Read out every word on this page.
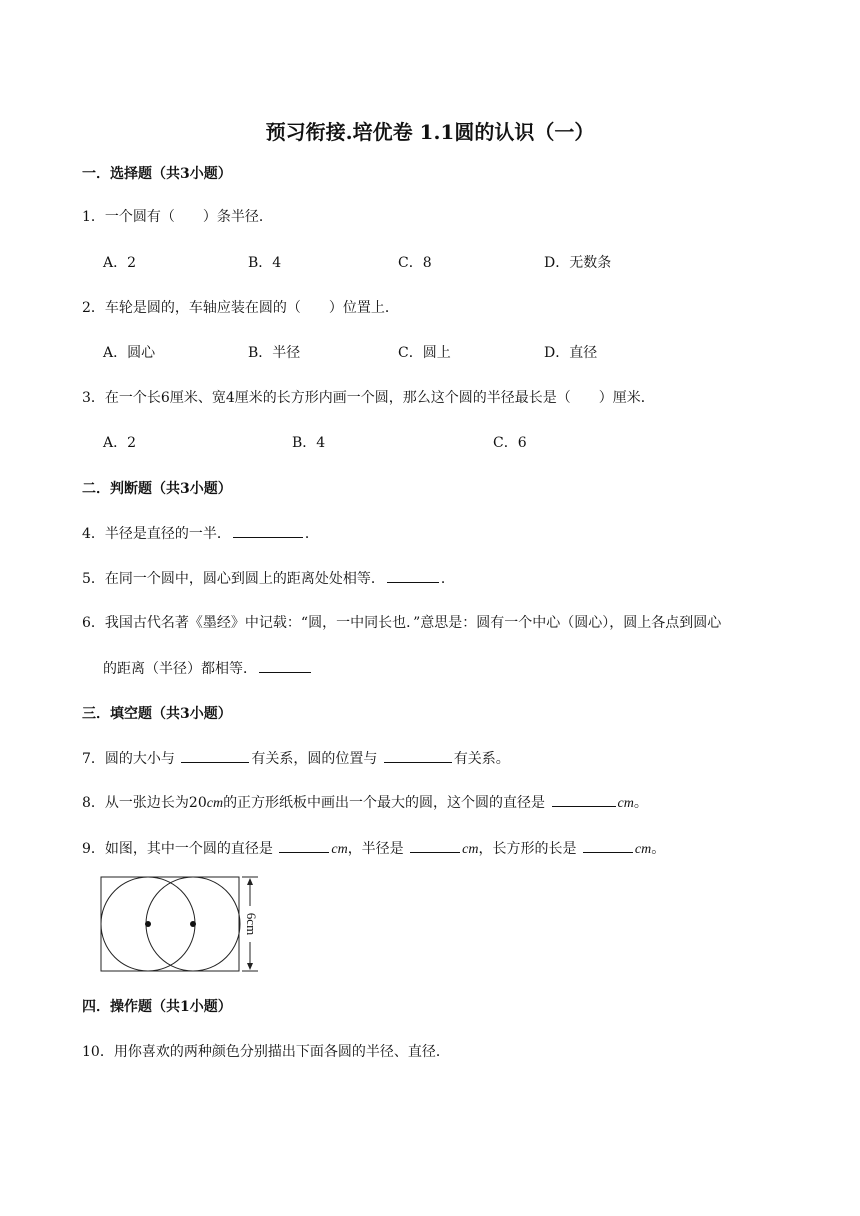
预习衔接.培优卷 1.1圆的认识（一）
一．选择题（共3小题）
1．一个圆有（　　）条半径．
A．2	B．4	C．8	D．无数条
2．车轮是圆的，车轴应装在圆的（　　）位置上．
A．圆心	B．半径	C．圆上	D．直径
3．在一个长6厘米、宽4厘米的长方形内画一个圆，那么这个圆的半径最长是（　　）厘米．
A．2	B．4	C．6
二．判断题（共3小题）
4．半径是直径的一半．	．
5．在同一个圆中，圆心到圆上的距离处处相等．	．
6．我国古代名著《墨经》中记载：“圆，一中同长也．”意思是：圆有一个中心（圆心），圆上各点到圆心
的距离（半径）都相等．
三．填空题（共3小题）
7．圆的大小与	有关系，圆的位置与	有关系。
8．从一张边长为20cm的正方形纸板中画出一个最大的圆，这个圆的直径是	cm。
9．如图，其中一个圆的直径是	cm，半径是	cm，长方形的长是	cm。
6cm
四．操作题（共1小题）
10．用你喜欢的两种颜色分别描出下面各圆的半径、直径．
